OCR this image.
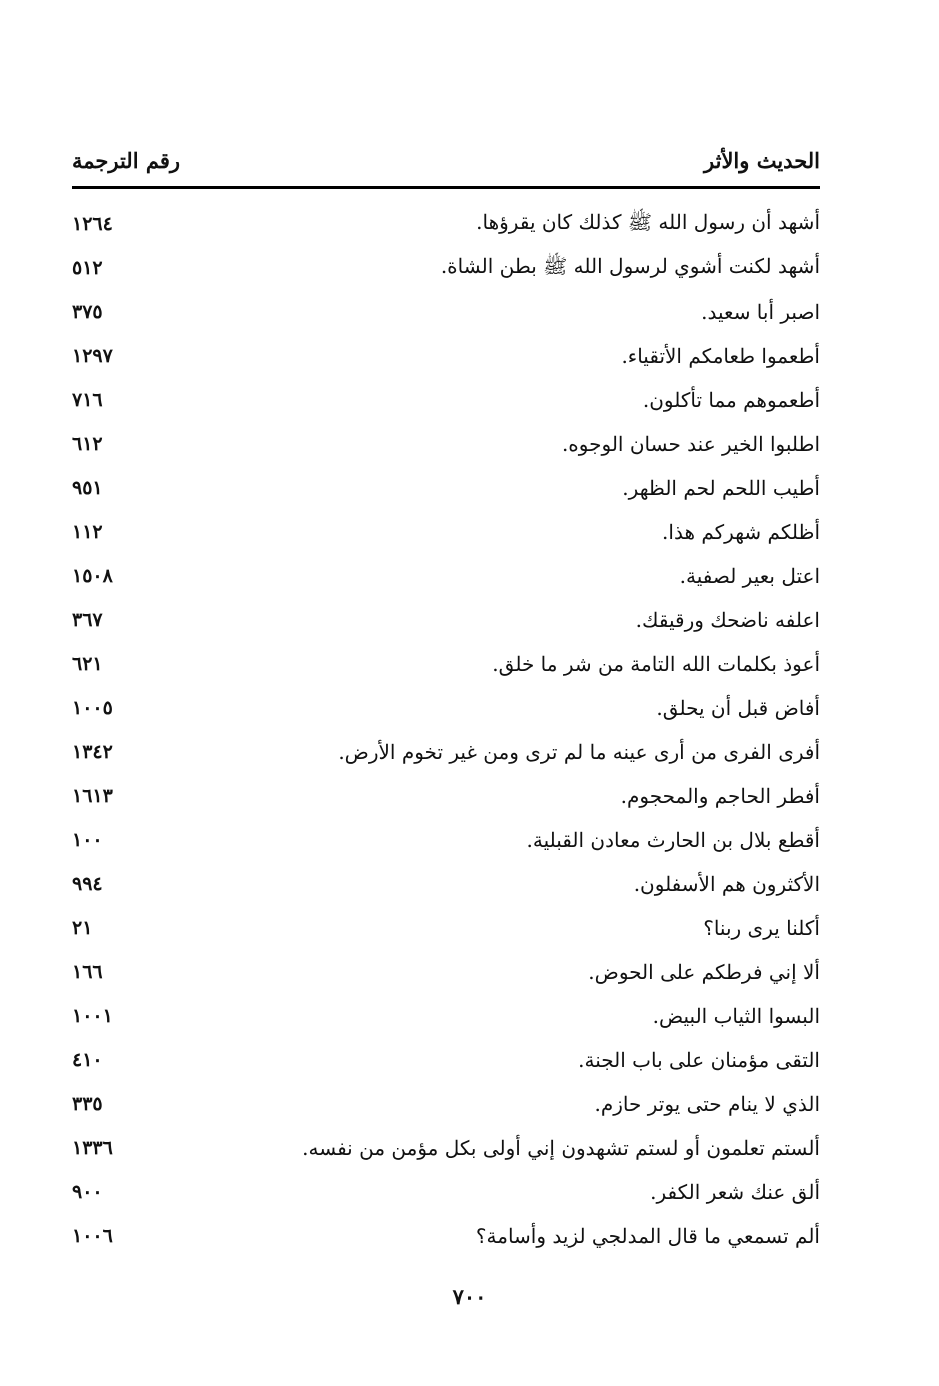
الحديث والأثر
رقم الترجمة
أشهد أن رسول الله ﷺ كذلك كان يقرؤها.
١٢٦٤
أشهد لكنت أشوي لرسول الله ﷺ بطن الشاة.
٥١٢
اصبر أبا سعيد.
٣٧٥
أطعموا طعامكم الأتقياء.
١٢٩٧
أطعموهم مما تأكلون.
٧١٦
اطلبوا الخير عند حسان الوجوه.
٦١٢
أطيب اللحم لحم الظهر.
٩٥١
أظلكم شهركم هذا.
١١٢
اعتل بعير لصفية.
١٥٠٨
اعلفه ناضحك ورقيقك.
٣٦٧
أعوذ بكلمات الله التامة من شر ما خلق.
٦٢١
أفاض قبل أن يحلق.
١٠٠٥
أفرى الفرى من أرى عينه ما لم ترى ومن غير تخوم الأرض.
١٣٤٢
أفطر الحاجم والمحجوم.
١٦١٣
أقطع بلال بن الحارث معادن القبلية.
١٠٠
الأكثرون هم الأسفلون.
٩٩٤
أكلنا يرى ربنا؟
٢١
ألا إني فرطكم على الحوض.
١٦٦
البسوا الثياب البيض.
١٠٠١
التقى مؤمنان على باب الجنة.
٤١٠
الذي لا ينام حتى يوتر حازم.
٣٣٥
ألستم تعلمون أو لستم تشهدون إني أولى بكل مؤمن من نفسه.
١٣٣٦
ألق عنك شعر الكفر.
٩٠٠
ألم تسمعي ما قال المدلجي لزيد وأسامة؟
١٠٠٦
٧٠٠
